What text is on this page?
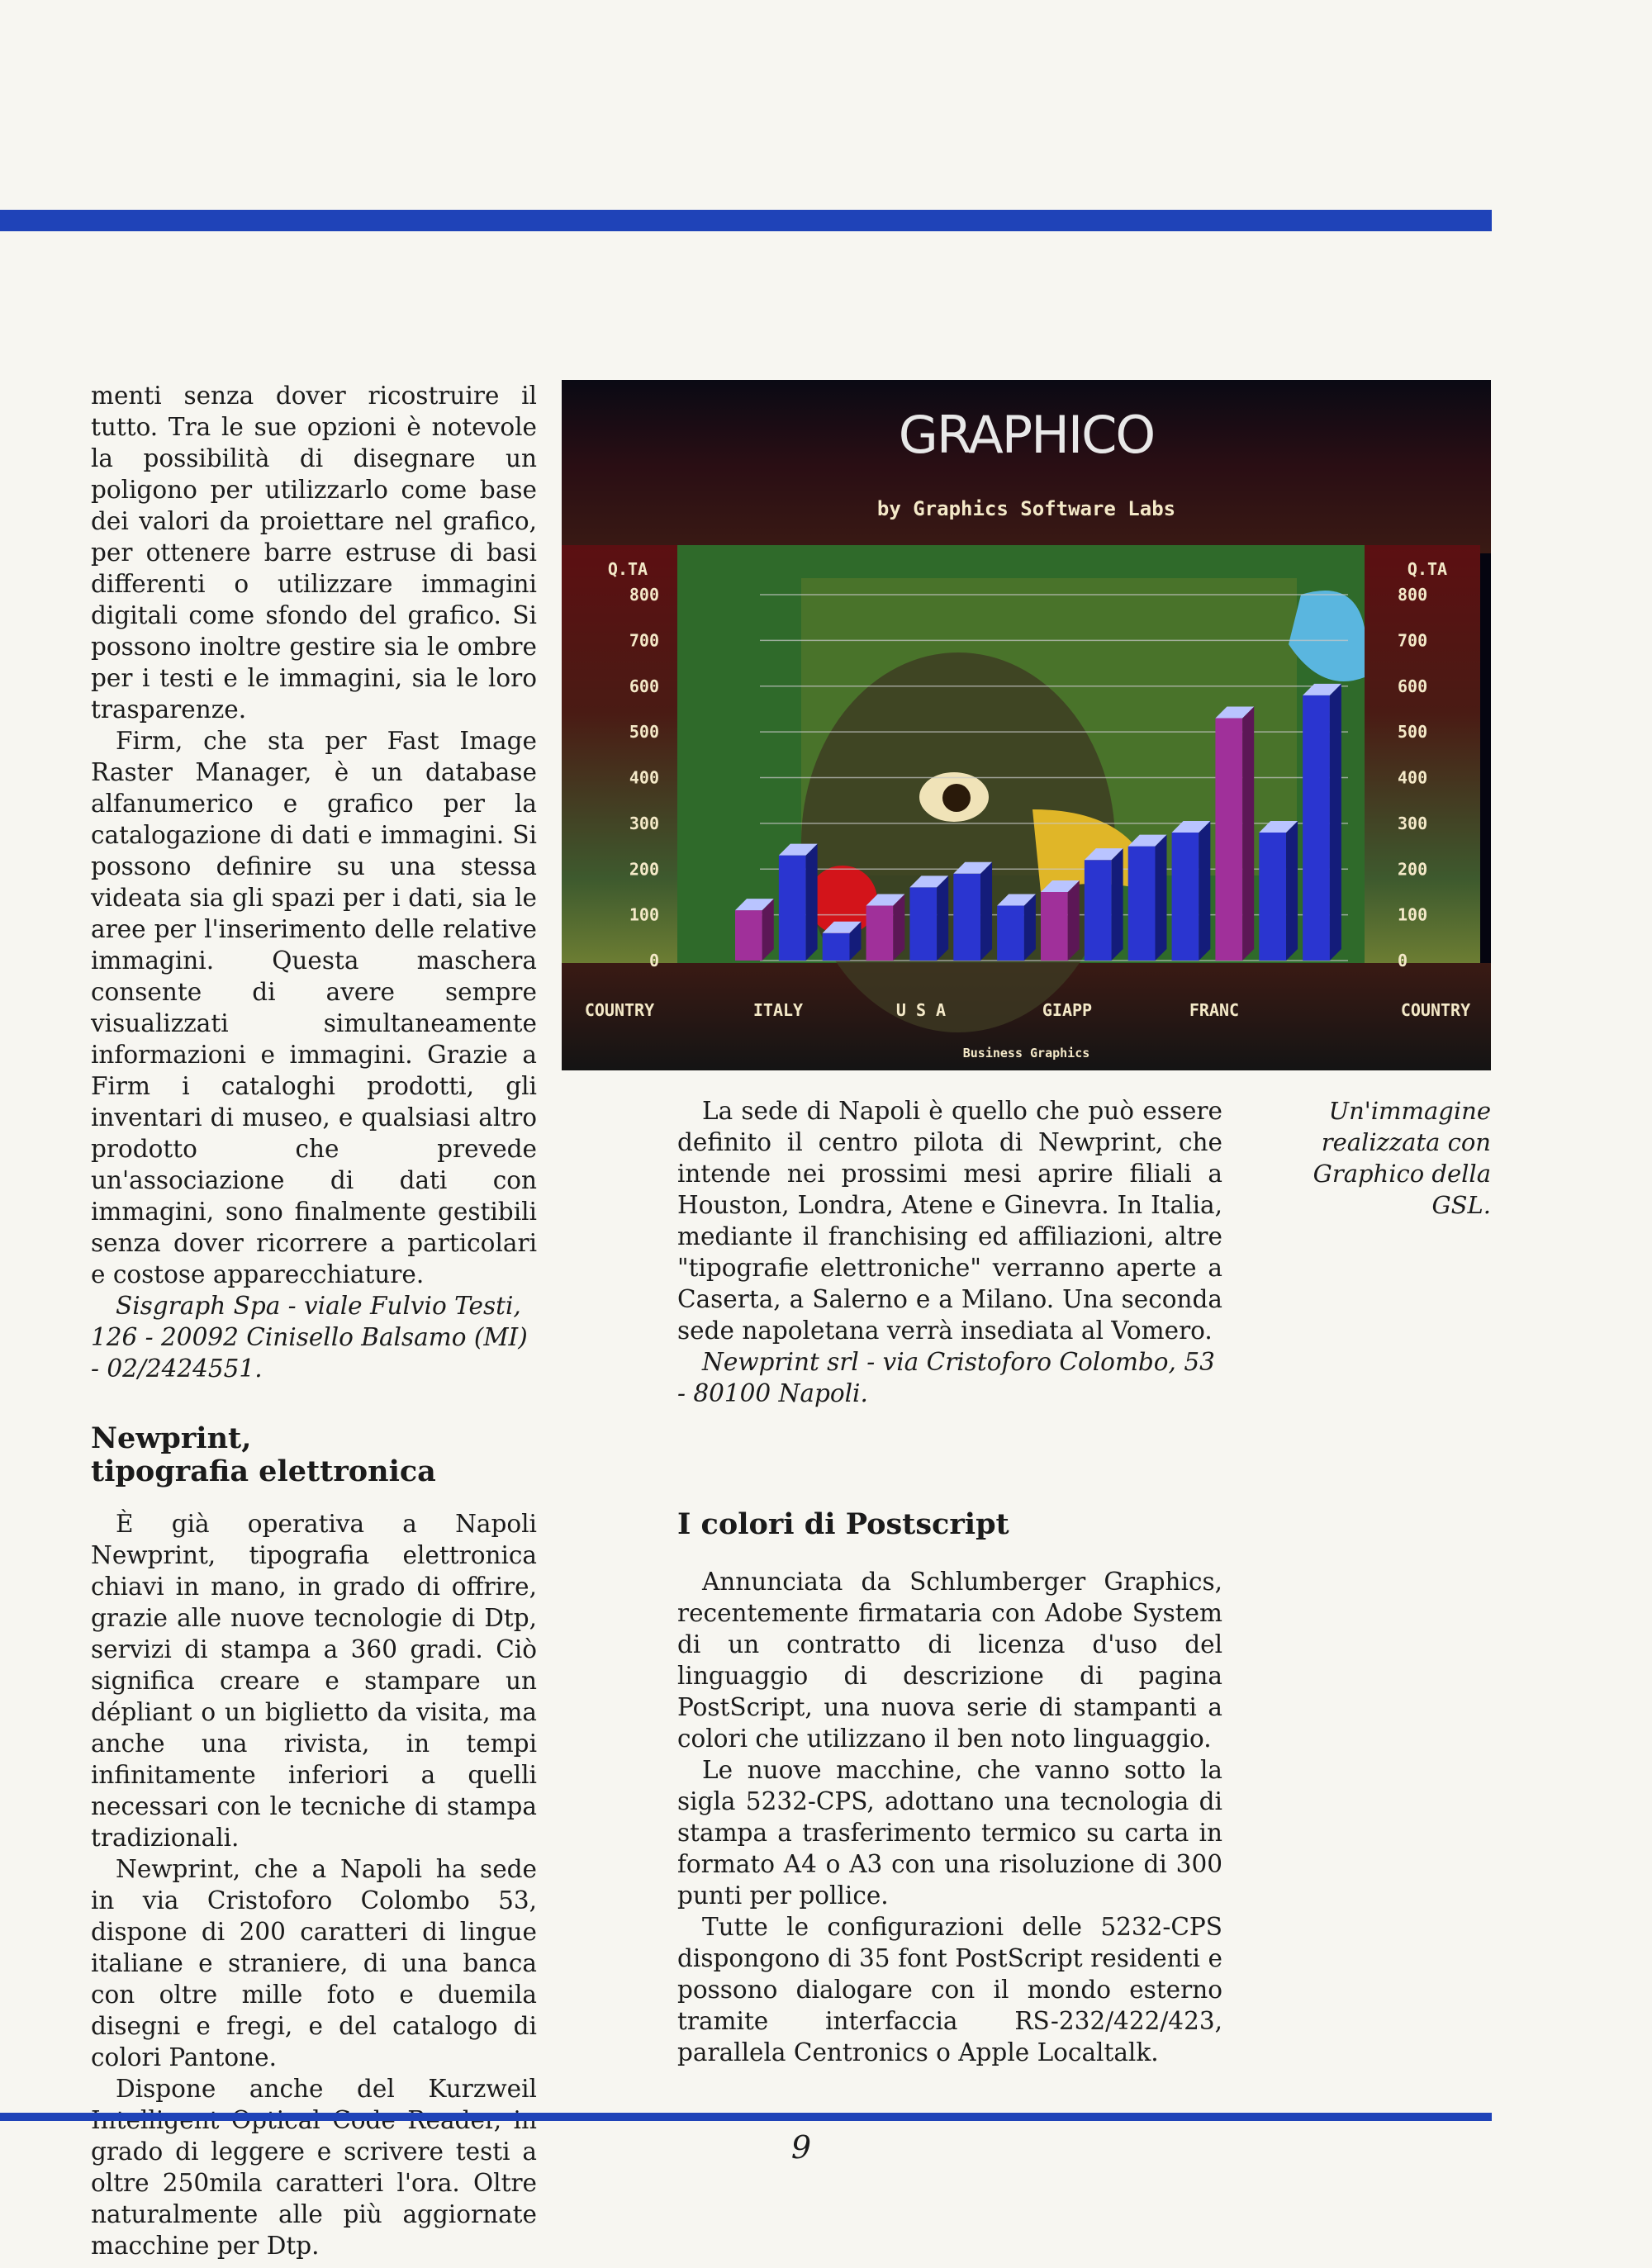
menti senza dover ricostruire il tutto. Tra le sue opzioni è notevole la possibilità di disegnare un poligono per utilizzarlo come base dei valori da proiettare nel grafico, per ottenere barre estruse di basi differenti o utilizzare immagini digitali come sfondo del grafico. Si possono inoltre gestire sia le ombre per i testi e le immagini, sia le loro trasparenze.

Firm, che sta per Fast Image Raster Manager, è un database alfanumerico e grafico per la catalogazione di dati e immagini. Si possono definire su una stessa videata sia gli spazi per i dati, sia le aree per l'inserimento delle relative immagini. Questa maschera consente di avere sempre visualizzati simultaneamente informazioni e immagini. Grazie a Firm i cataloghi prodotti, gli inventari di museo, e qualsiasi altro prodotto che prevede un'associazione di dati con immagini, sono finalmente gestibili senza dover ricorrere a particolari e costose apparecchiature.

Sisgraph Spa - viale Fulvio Testi, 126 - 20092 Cinisello Balsamo (MI) - 02/2424551.

Newprint,
tipografia elettronica

È già operativa a Napoli Newprint, tipografia elettronica chiavi in mano, in grado di offrire, grazie alle nuove tecnologie di Dtp, servizi di stampa a 360 gradi. Ciò significa creare e stampare un dépliant o un biglietto da visita, ma anche una rivista, in tempi infinitamente inferiori a quelli necessari con le tecniche di stampa tradizionali.

Newprint, che a Napoli ha sede in via Cristoforo Colombo 53, dispone di 200 caratteri di lingue italiane e straniere, di una banca con oltre mille foto e duemila disegni e fregi, e del catalogo di colori Pantone.

Dispone anche del Kurzweil grado di leggere e scrivere testi a oltre 250mila caratteri l'ora. Oltre naturalmente alle più aggiornate macchine per Dtp.

GRAPHICO
by Graphics Software Labs
Q.TA	Q.TA
800	800
700	700
600	600
500	500
400	400
300	300
200	200
100	100
0	0
COUNTRY	COUNTRY
ITALY	U S A	GIAPP	FRANC
Business Graphics
Un'immagine realizzata con Graphico della GSL.

La sede di Napoli è quello che può essere definito il centro pilota di Newprint, che intende nei prossimi mesi aprire filiali a Houston, Londra, Atene e Ginevra. In Italia, mediante il franchising ed affiliazioni, altre "tipografie elettroniche" verranno aperte a Caserta, a Salerno e a Milano. Una seconda sede napoletana verrà insediata al Vomero.

Newprint srl - via Cristoforo Colombo, 53 - 80100 Napoli.

I colori di Postscript

Annunciata da Schlumberger Graphics, recentemente firmataria con Adobe System di un contratto di licenza d'uso del linguaggio di descrizione di pagina PostScript, una nuova serie di stampanti a colori che utilizzano il ben noto linguaggio.

Le nuove macchine, che vanno sotto la sigla 5232-CPS, adottano una tecnologia di stampa a trasferimento termico su carta in formato A4 o A3 con una risoluzione di 300 punti per pollice.

Tutte le configurazioni delle 5232-CPS dispongono di 35 font PostScript residenti e possono dialogare con il mondo esterno tramite interfaccia RS-232/422/423, parallela Centronics o Apple Localtalk.

9
